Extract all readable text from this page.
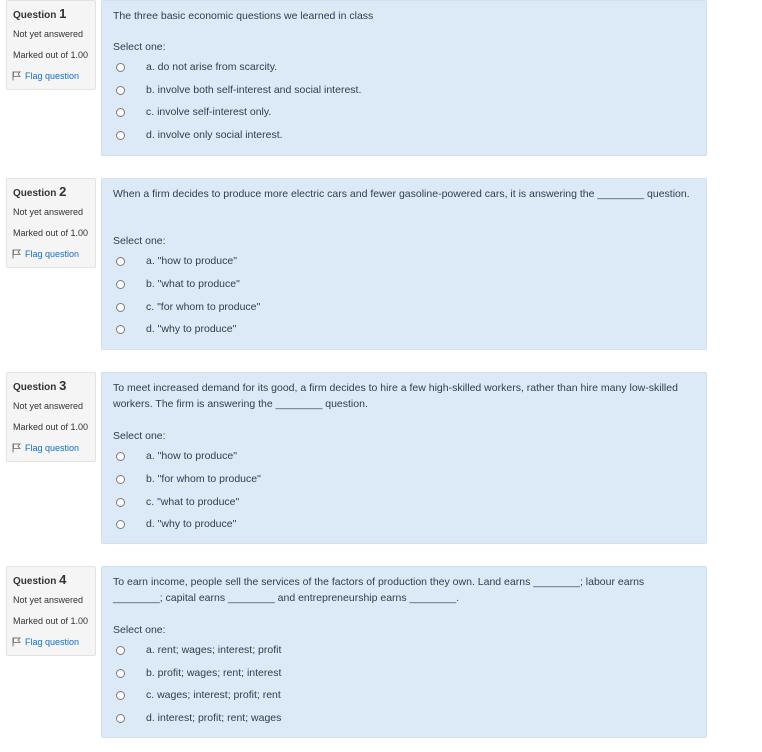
Question 1
Not yet answered
Marked out of 1.00
Flag question
The three basic economic questions we learned in class
Select one:
a. do not arise from scarcity.
b. involve both self-interest and social interest.
c. involve self-interest only.
d. involve only social interest.
Question 2
Not yet answered
Marked out of 1.00
Flag question
When a firm decides to produce more electric cars and fewer gasoline-powered cars, it is answering the ________ question.
Select one:
a. "how to produce"
b. "what to produce"
c. "for whom to produce"
d. "why to produce"
Question 3
Not yet answered
Marked out of 1.00
Flag question
To meet increased demand for its good, a firm decides to hire a few high-skilled workers, rather than hire many low-skilled workers. The firm is answering the ________ question.
Select one:
a. "how to produce"
b. "for whom to produce"
c. "what to produce"
d. "why to produce"
Question 4
Not yet answered
Marked out of 1.00
Flag question
To earn income, people sell the services of the factors of production they own. Land earns ________; labour earns ________; capital earns ________ and entrepreneurship earns ________.
Select one:
a. rent; wages; interest; profit
b. profit; wages; rent; interest
c. wages; interest; profit; rent
d. interest; profit; rent; wages
